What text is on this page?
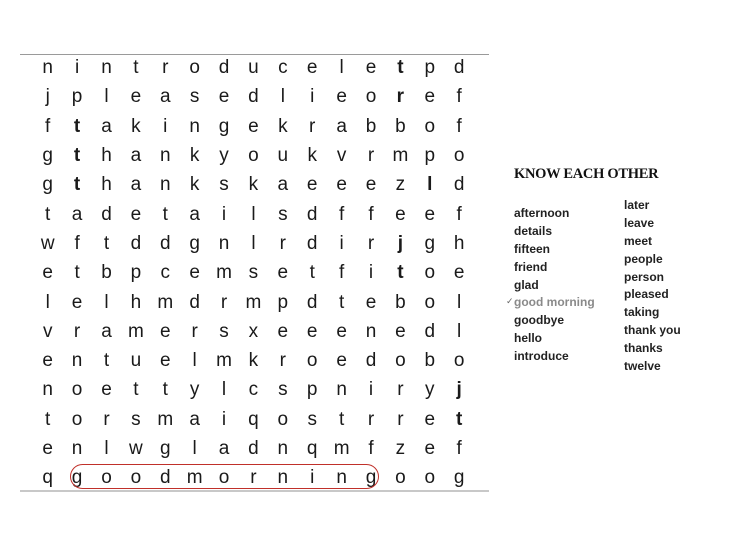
n	i	n	t	r	o d u	c	e	l	e	t	p d
j	p	l	e a	s	e d	l	i	e o	r	e	f
f	t	a	k	i	n g e	k	r	a b b o	f
g	t	h a n	k	y	o u	k	v	r m p o
g	t	h a n	k	s	k	a e e e	z	l	d
t	a d e	t	a	i	l	s	d	f	f	e e	f
w	f	t	d d g n	l	r	d	i	r	j	g h
e	t	b p	c	e m s	e	t	f	i	t	o e
l	e	l	h m d	r m p d	t	e b o	l
v	r	a m e	r	s	x	e e e n e d	l
e n	t	u e	l	m k	r	o e d o b o
n o e	t	t	y	l	c	s	p n	i	r	y	j
t	o	r	s m a	i	q o	s	t	r	r	e	t
e n	l	w g	l	a d n q m f	z	e	f
q g o o d m o	r	n	i	n g o o g
KNOW EACH OTHER
✓
afternoon
details
fifteen
friend
glad
good morning
goodbye
hello
introduce
later
leave
meet
people
person
pleased
taking
thank you
thanks
twelve
